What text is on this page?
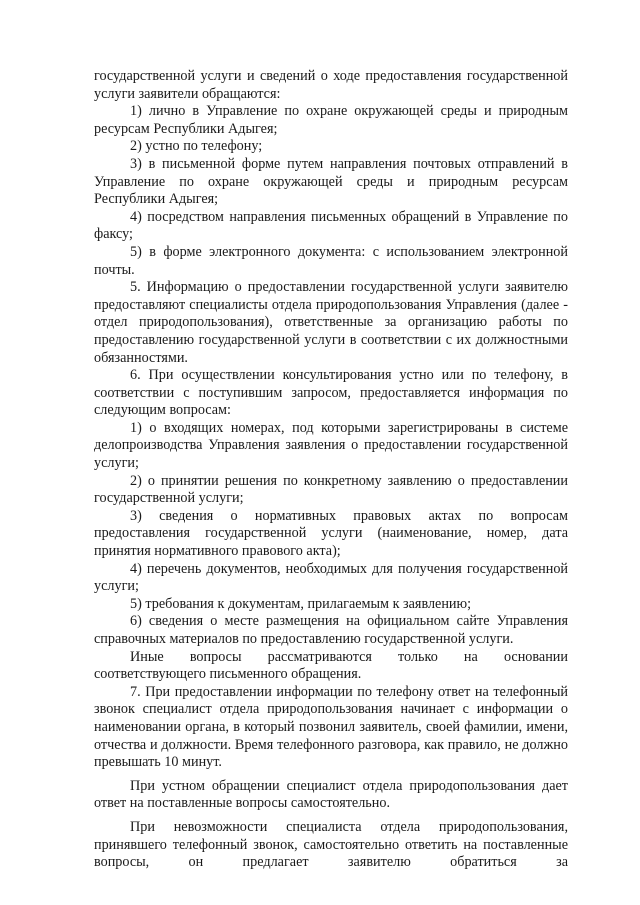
государственной услуги и сведений о ходе предоставления государственной услуги заявители обращаются:

1) лично в Управление по охране окружающей среды и природным ресурсам Республики Адыгея;

2) устно по телефону;

3) в письменной форме путем направления почтовых отправлений в Управление по охране окружающей среды и природным ресурсам Республики Адыгея;

4) посредством направления письменных обращений в Управление по факсу;

5) в форме электронного документа: с использованием электронной почты.

5. Информацию о предоставлении государственной услуги заявителю предоставляют специалисты отдела природопользования Управления (далее - отдел природопользования), ответственные за организацию работы по предоставлению государственной услуги в соответствии с их должностными обязанностями.

6. При осуществлении консультирования устно или по телефону, в соответствии с поступившим запросом, предоставляется информация по следующим вопросам:

1) о входящих номерах, под которыми зарегистрированы в системе делопроизводства Управления заявления о предоставлении государственной услуги;

2) о принятии решения по конкретному заявлению о предоставлении государственной услуги;

3) сведения о нормативных правовых актах по вопросам предоставления государственной услуги (наименование, номер, дата принятия нормативного правового акта);

4) перечень документов, необходимых для получения государственной услуги;

5) требования к документам, прилагаемым к заявлению;

6) сведения о месте размещения на официальном сайте Управления справочных материалов по предоставлению государственной услуги.

Иные вопросы рассматриваются только на основании соответствующего письменного обращения.

7. При предоставлении информации по телефону ответ на телефонный звонок специалист отдела природопользования начинает с информации о наименовании органа, в который позвонил заявитель, своей фамилии, имени, отчества и должности. Время телефонного разговора, как правило, не должно превышать 10 минут.

При устном обращении специалист отдела природопользования дает ответ на поставленные вопросы самостоятельно.

При невозможности специалиста отдела природопользования, принявшего телефонный звонок, самостоятельно ответить на поставленные вопросы, он предлагает заявителю обратиться за
